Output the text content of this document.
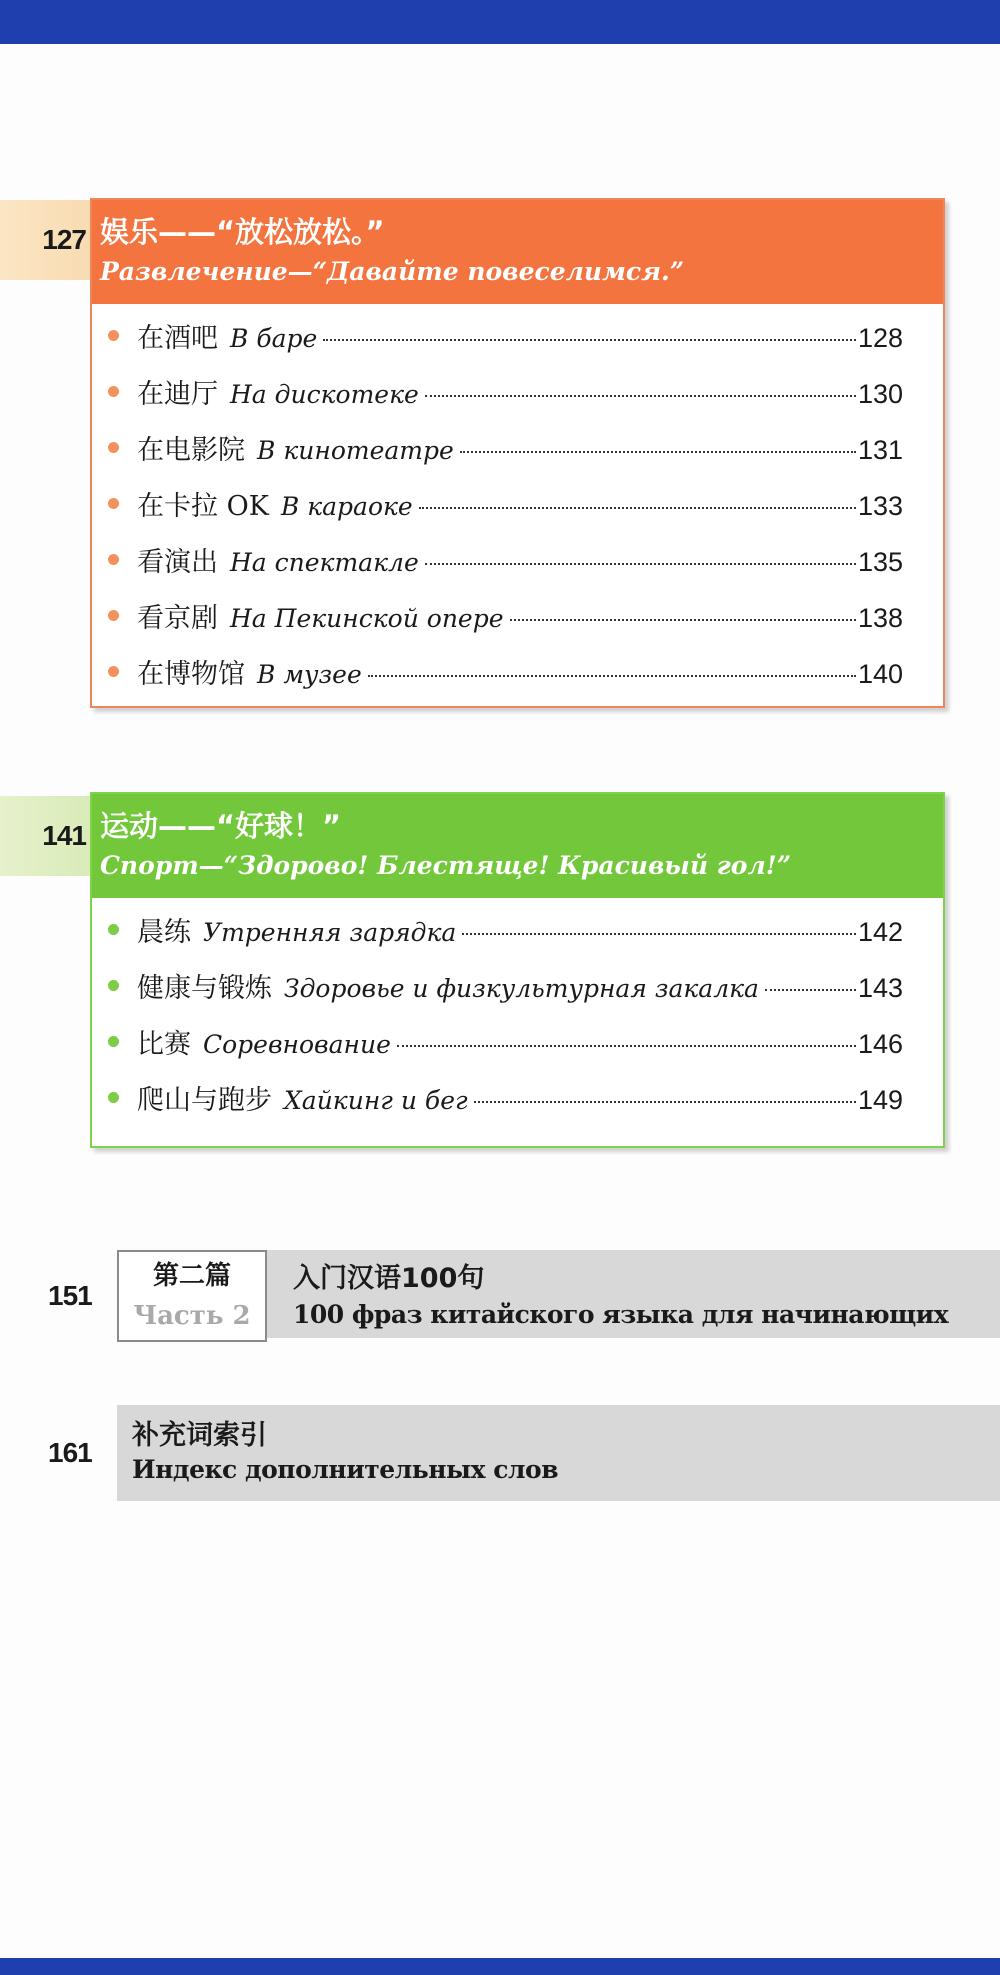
127 娱乐——“放松放松。”
Развлечение—“Давайте повеселимся.”
在酒吧 В баре	128
在迪厅 На дискотеке	130
在电影院 В кинотеатре	131
在卡拉 OK В караоке	133
看演出 На спектакле	135
看京剧 На Пекинской опере	138
在博物馆 В музее	140
141 运动——“好球！”
Спорт—“Здорово! Блестяще! Красивый гол!”
晨练 Утренняя зарядка	142
健康与锻炼 Здоровье и физкультурная закалка	143
比赛 Соревнование	146
爬山与跑步 Хайкинг и бег	149
151
第二篇
Часть 2
入门汉语100句
100 фраз китайского языка для начинающих
161
补充词索引
Индекс дополнительных слов
